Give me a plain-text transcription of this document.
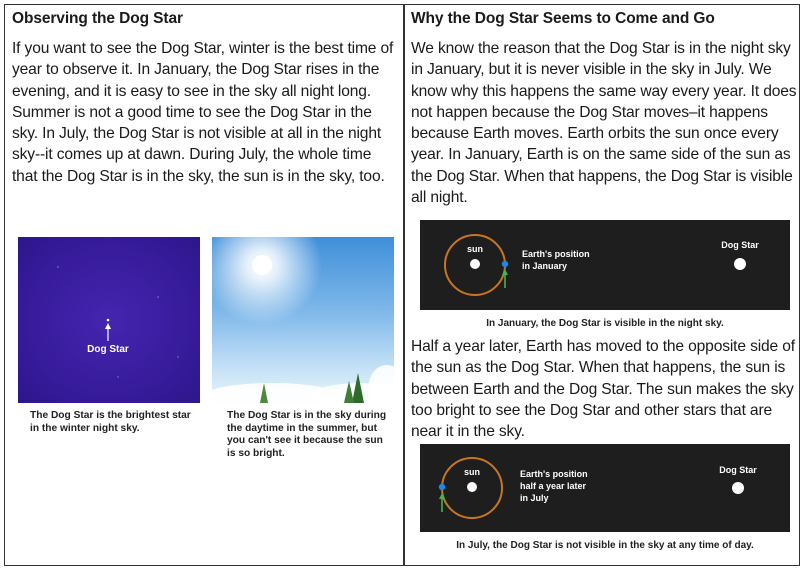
Observing the Dog Star

If you want to see the Dog Star, winter is the best time of year to observe it. In January, the Dog Star rises in the evening, and it is easy to see in the sky all night long. Summer is not a good time to see the Dog Star in the sky. In July, the Dog Star is not visible at all in the night sky--it comes up at dawn. During July, the whole time that the Dog Star is in the sky, the sun is in the sky, too.

Dog Star
The Dog Star is the brightest star in the winter night sky.
The Dog Star is in the sky during the daytime in the summer, but you can't see it because the sun is so bright.
Why the Dog Star Seems to Come and Go

We know the reason that the Dog Star is in the night sky in January, but it is never visible in the sky in July. We know why this happens the same way every year. It does not happen because the Dog Star moves–it happens because Earth moves. Earth orbits the sun once every year. In January, Earth is on the same side of the sun as the Dog Star. When that happens, the Dog Star is visible all night.

sun	Earth's position
in January
Dog Star
In January, the Dog Star is visible in the night sky.

Half a year later, Earth has moved to the opposite side of the sun as the Dog Star. When that happens, the sun is between Earth and the Dog Star. The sun makes the sky too bright to see the Dog Star and other stars that are near it in the sky.

sun	Earth's position
half a year later
in July
Dog Star
In July, the Dog Star is not visible in the sky at any time of day.
